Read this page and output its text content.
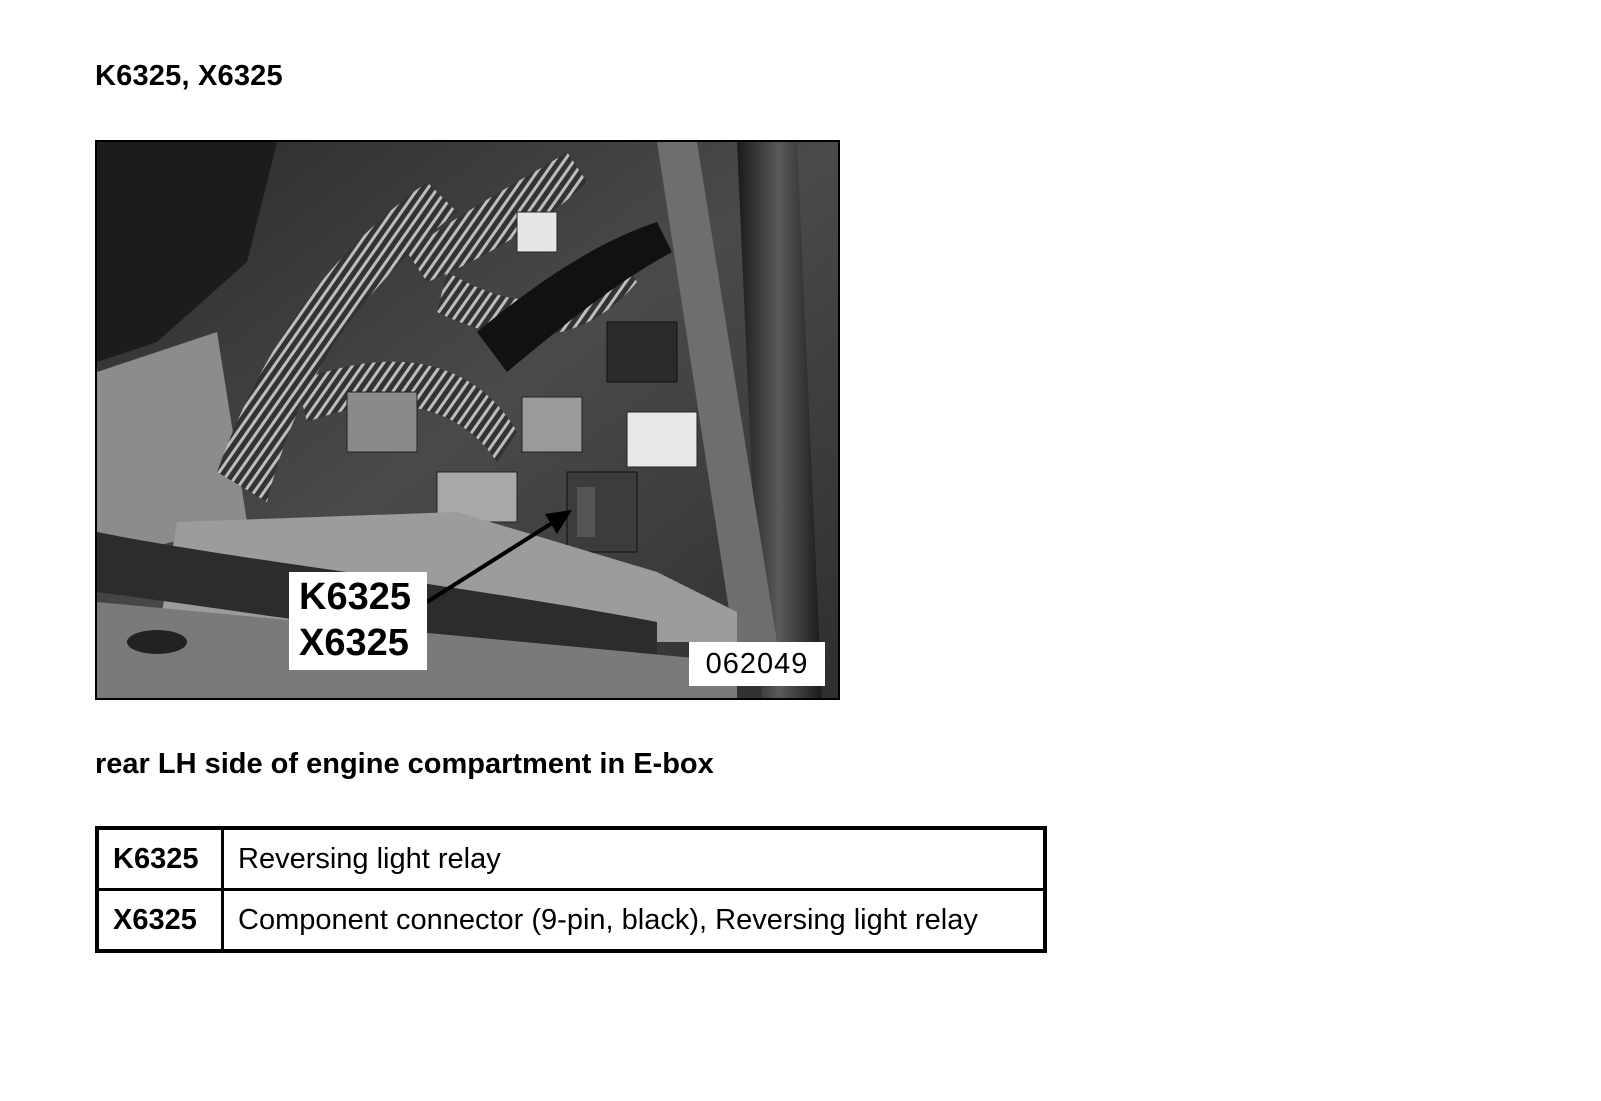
K6325, X6325
K6325
X6325	062049
rear LH side of engine compartment in E-box
K6325	Reversing light relay
X6325	Component connector (9-pin, black), Reversing light relay
